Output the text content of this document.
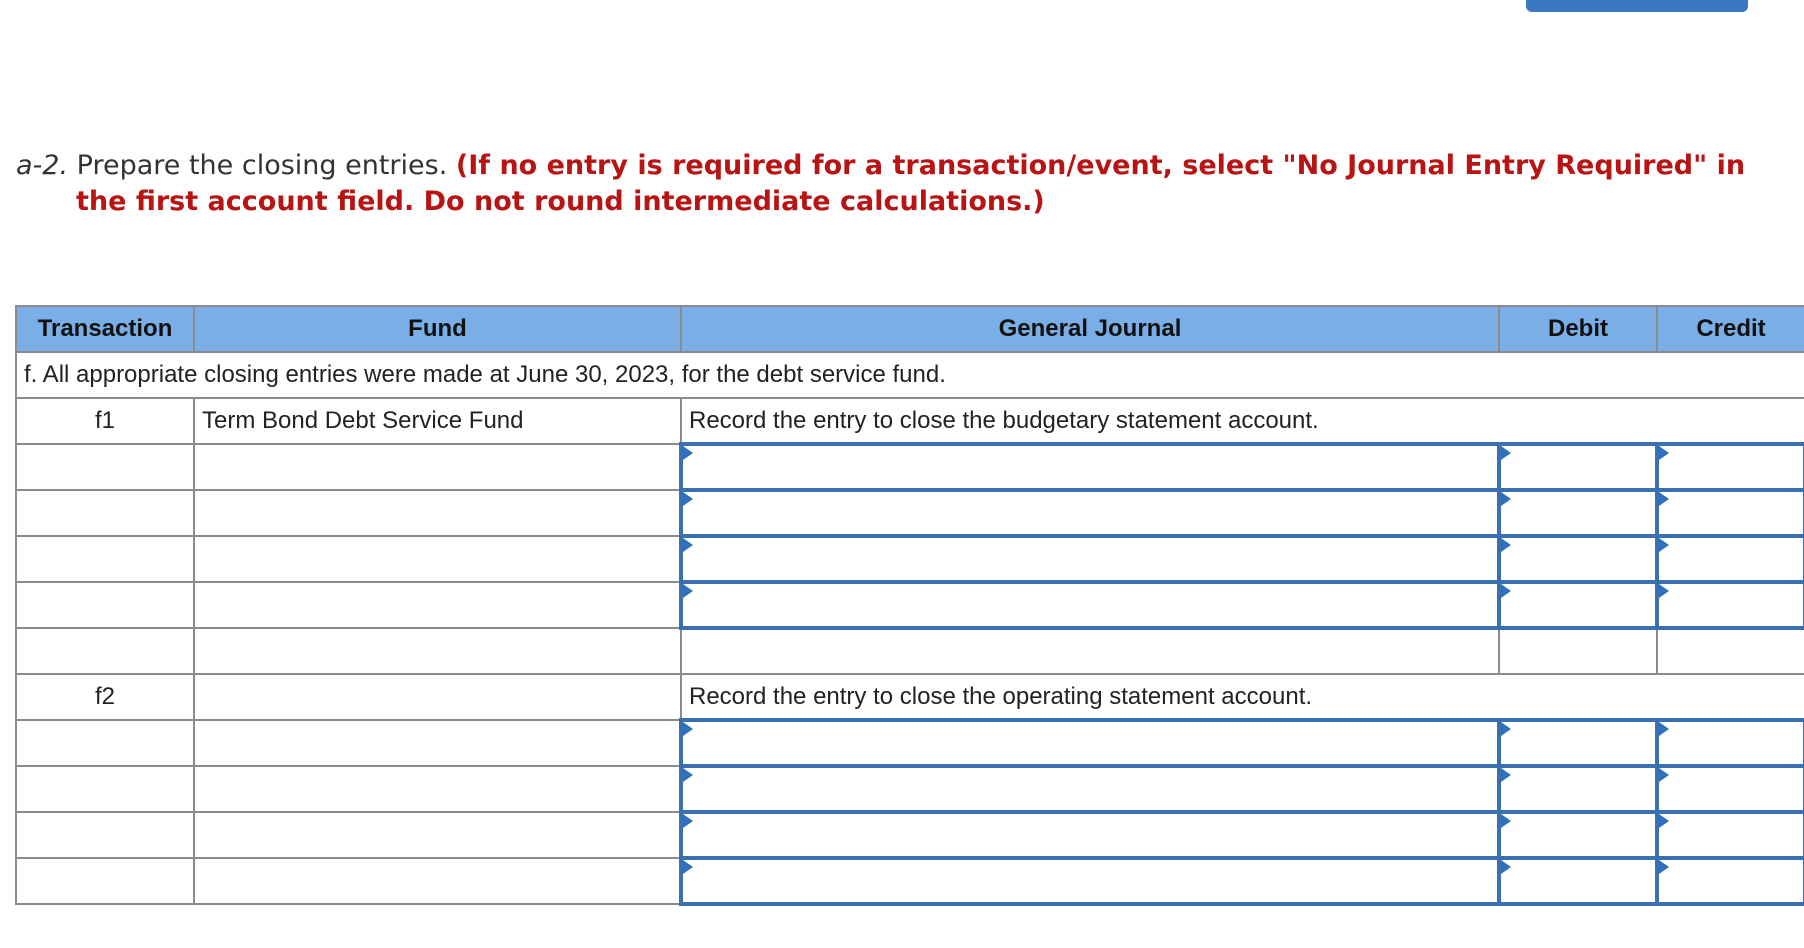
a-2. Prepare the closing entries. (If no entry is required for a transaction/event, select "No Journal Entry Required" in the first account field. Do not round intermediate calculations.)
Transaction	Fund	General Journal	Debit	Credit
f. All appropriate closing entries were made at June 30, 2023, for the debt service fund.				
f1	Term Bond Debt Service Fund	Record the entry to close the budgetary statement account.		

f2		Record the entry to close the operating statement account.		
